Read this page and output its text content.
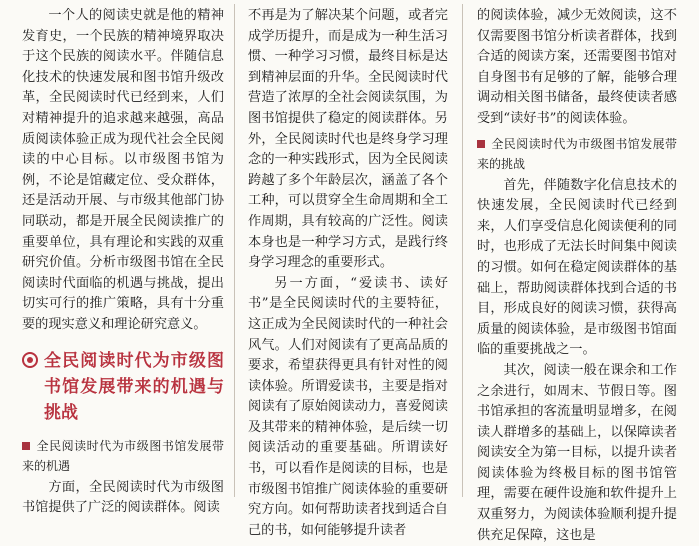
一个人的阅读史就是他的精神发育史，一个民族的精神境界取决于这个民族的阅读水平。伴随信息化技术的快速发展和图书馆升级改革，全民阅读时代已经到来，人们对精神提升的追求越来越强，高品质阅读体验正成为现代社会全民阅读的中心目标。以市级图书馆为例，不论是馆藏定位、受众群体，还是活动开展、与市级其他部门协同联动，都是开展全民阅读推广的重要单位，具有理论和实践的双重研究价值。分析市级图书馆在全民阅读时代面临的机遇与挑战，提出切实可行的推广策略，具有十分重要的现实意义和理论研究意义。

全民阅读时代为市级图书馆发展带来的机遇与挑战
全民阅读时代为市级图书馆发展带来的机遇

方面，全民阅读时代为市级图书馆提供了广泛的阅读群体。阅读

不再是为了解决某个问题，或者完成学历提升，而是成为一种生活习惯、一种学习习惯，最终目标是达到精神层面的升华。全民阅读时代营造了浓厚的全社会阅读氛围，为图书馆提供了稳定的阅读群体。另外，全民阅读时代也是终身学习理念的一种实践形式，因为全民阅读跨越了多个年龄层次，涵盖了各个工种，可以贯穿全生命周期和全工作周期，具有较高的广泛性。阅读本身也是一种学习方式，是践行终身学习理念的重要形式。

另一方面，“爱读书、读好书”是全民阅读时代的主要特征，这正成为全民阅读时代的一种社会风气。人们对阅读有了更高品质的要求，希望获得更具有针对性的阅读体验。所谓爱读书，主要是指对阅读有了原始阅读动力，喜爱阅读及其带来的精神体验，是后续一切阅读活动的重要基础。所谓读好书，可以看作是阅读的目标，也是市级图书馆推广阅读体验的重要研究方向。如何帮助读者找到适合自己的书，如何能够提升读者

的阅读体验，减少无效阅读，这不仅需要图书馆分析读者群体，找到合适的阅读方案，还需要图书馆对自身图书有足够的了解，能够合理调动相关图书储备，最终使读者感受到“读好书”的阅读体验。

全民阅读时代为市级图书馆发展带来的挑战

首先，伴随数字化信息技术的快速发展，全民阅读时代已经到来，人们享受信息化阅读便利的同时，也形成了无法长时间集中阅读的习惯。如何在稳定阅读群体的基础上，帮助阅读群体找到合适的书目，形成良好的阅读习惯，获得高质量的阅读体验，是市级图书馆面临的重要挑战之一。

其次，阅读一般在课余和工作之余进行，如周末、节假日等。图书馆承担的客流量明显增多，在阅读人群增多的基础上，以保障读者阅读安全为第一目标，以提升读者阅读体验为终极目标的图书馆管理，需要在硬件设施和软件提升上双重努力，为阅读体验顺利提升提供充足保障，这也是
